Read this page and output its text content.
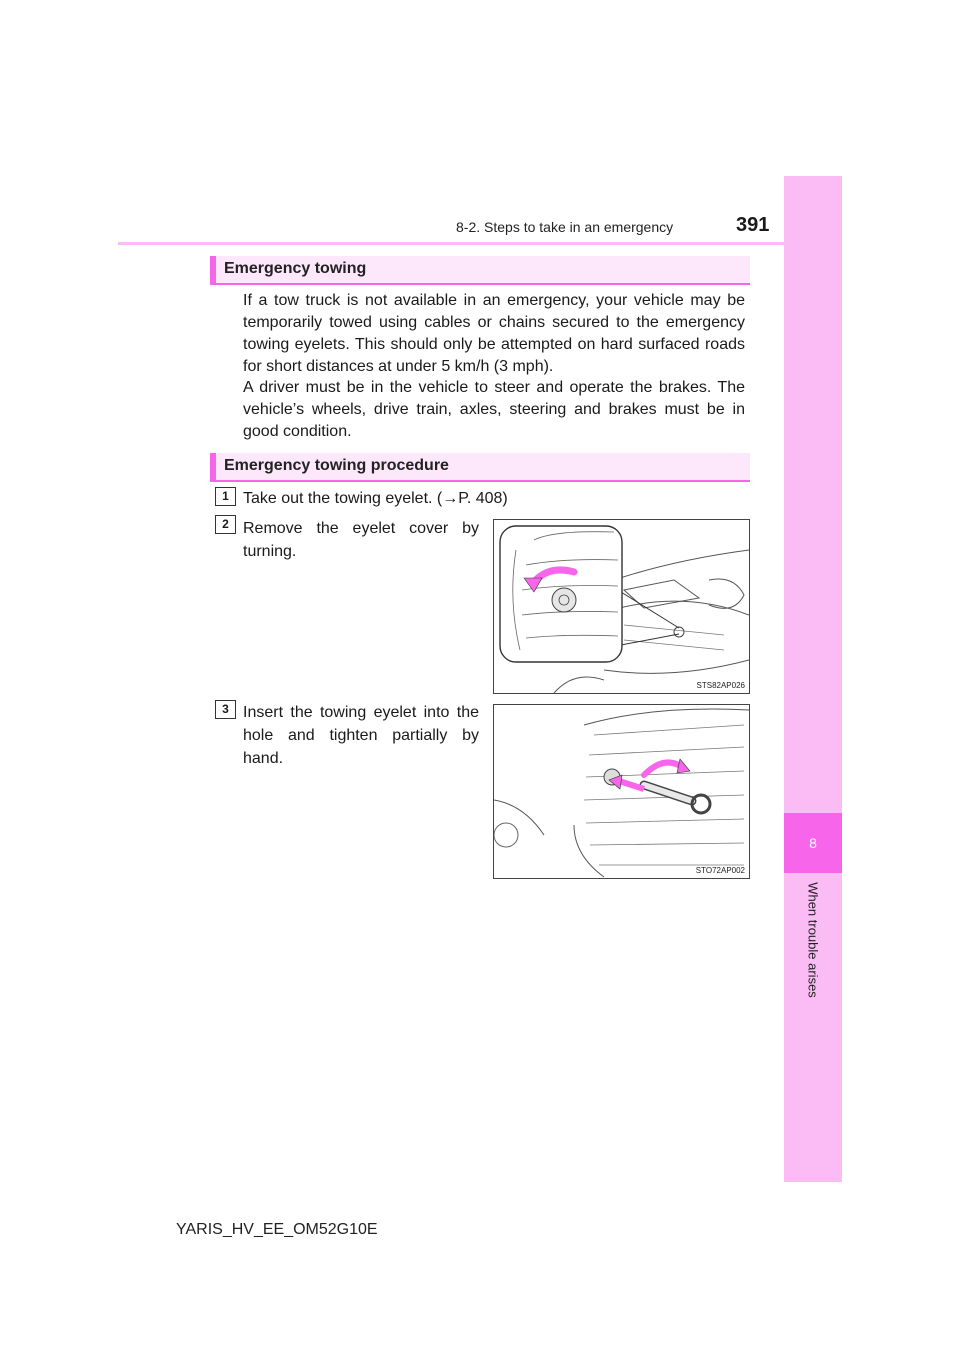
8
When trouble arises
8-2. Steps to take in an emergency	391
Emergency towing

If a tow truck is not available in an emergency, your vehicle may be temporarily towed using cables or chains secured to the emergency towing eyelets. This should only be attempted on hard surfaced roads for short distances at under 5 km/h (3 mph).

A driver must be in the vehicle to steer and operate the brakes. The vehicle’s wheels, drive train, axles, steering and brakes must be in good condition.

Emergency towing procedure
1 Take out the towing eyelet. (→P. 408)

2 Remove the eyelet cover by turning.

STS82AP026
3 Insert the towing eyelet into the hole and tighten partially by hand.

STO72AP002
YARIS_HV_EE_OM52G10E
